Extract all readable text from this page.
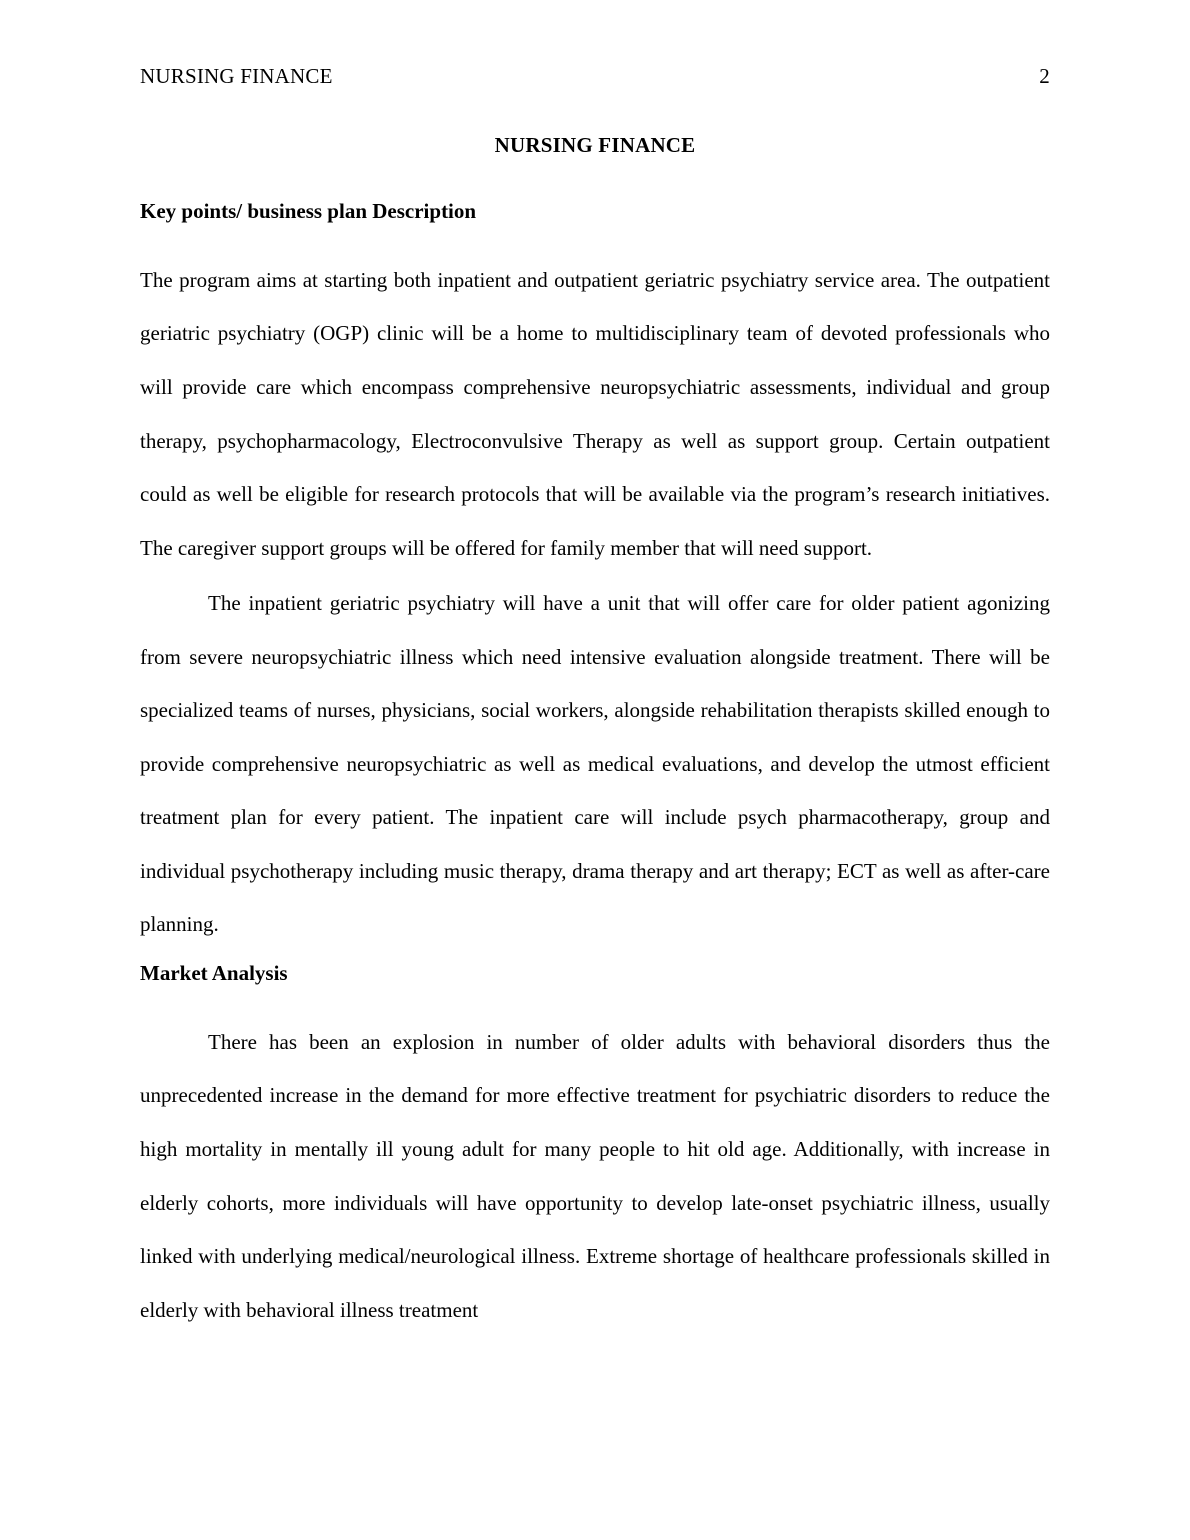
NURSING FINANCE	2
NURSING FINANCE
Key points/ business plan Description

The program aims at starting both inpatient and outpatient geriatric psychiatry service area. The outpatient geriatric psychiatry (OGP) clinic will be a home to multidisciplinary team of devoted professionals who will provide care which encompass comprehensive neuropsychiatric assessments, individual and group therapy, psychopharmacology, Electroconvulsive Therapy as well as support group. Certain outpatient could as well be eligible for research protocols that will be available via the program’s research initiatives. The caregiver support groups will be offered for family member that will need support.

The inpatient geriatric psychiatry will have a unit that will offer care for older patient agonizing from severe neuropsychiatric illness which need intensive evaluation alongside treatment. There will be specialized teams of nurses, physicians, social workers, alongside rehabilitation therapists skilled enough to provide comprehensive neuropsychiatric as well as medical evaluations, and develop the utmost efficient treatment plan for every patient. The inpatient care will include psych pharmacotherapy, group and individual psychotherapy including music therapy, drama therapy and art therapy; ECT as well as after-care planning.

Market Analysis

There has been an explosion in number of older adults with behavioral disorders thus the unprecedented increase in the demand for more effective treatment for psychiatric disorders to reduce the high mortality in mentally ill young adult for many people to hit old age. Additionally, with increase in elderly cohorts, more individuals will have opportunity to develop late-onset psychiatric illness, usually linked with underlying medical/neurological illness. Extreme shortage of healthcare professionals skilled in elderly with behavioral illness treatment
